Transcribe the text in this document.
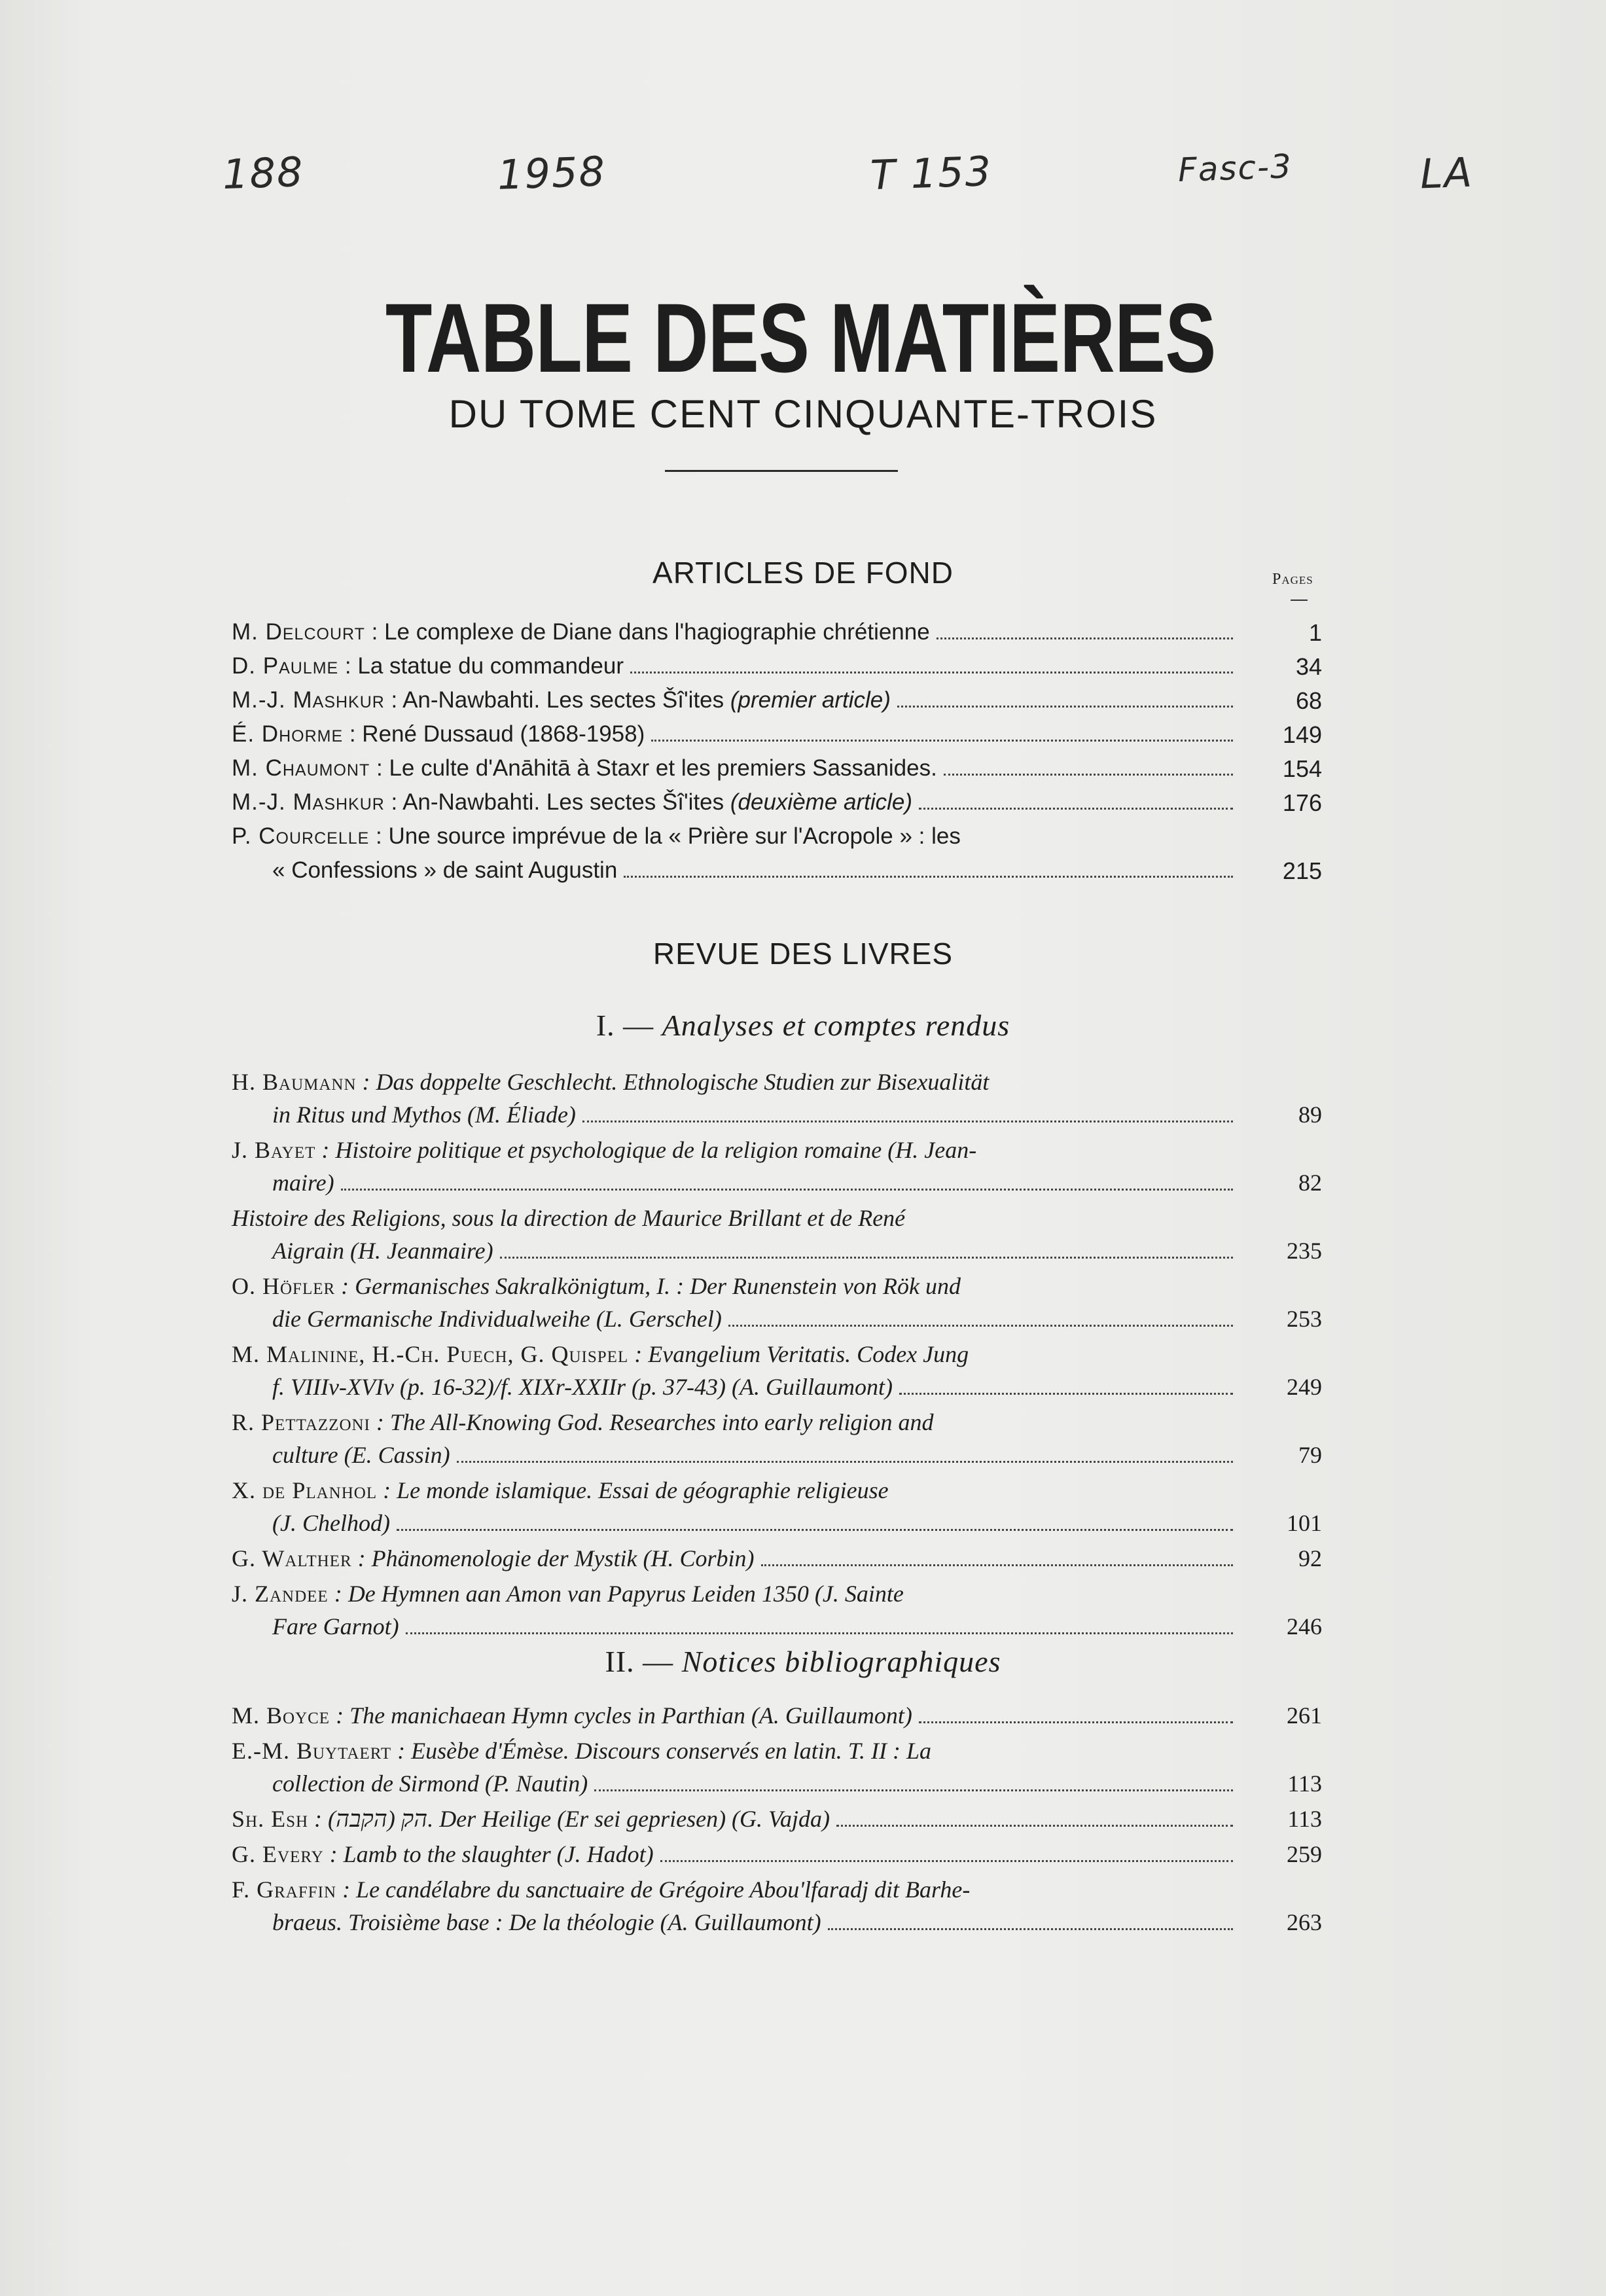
188	1958	T 153	Fasc-3	LA
TABLE DES MATIÈRES
DU TOME CENT CINQUANTE-TROIS
ARTICLES DE FOND	Pages
M. Delcourt : Le complexe de Diane dans l'hagiographie chrétienne	1
D. Paulme : La statue du commandeur	34
M.-J. Mashkur : An-Nawbahti. Les sectes Šî'ites (premier article)	68
É. Dhorme : René Dussaud (1868-1958)	149
M. Chaumont : Le culte d'Anāhitā à Staxr et les premiers Sassanides.	154
M.-J. Mashkur : An-Nawbahti. Les sectes Šî'ites (deuxième article)	176
P. Courcelle : Une source imprévue de la « Prière sur l'Acropole » : les
« Confessions » de saint Augustin	215
REVUE DES LIVRES
I. — Analyses et comptes rendus
H. Baumann : Das doppelte Geschlecht. Ethnologische Studien zur Bisexualität
in Ritus und Mythos (M. Éliade)	89
J. Bayet : Histoire politique et psychologique de la religion romaine (H. Jean-
maire)	82
Histoire des Religions, sous la direction de Maurice Brillant et de René
Aigrain (H. Jeanmaire)	235
O. Höfler : Germanisches Sakralkönigtum, I. : Der Runenstein von Rök und
die Germanische Individualweihe (L. Gerschel)	253
M. Malinine, H.-Ch. Puech, G. Quispel : Evangelium Veritatis. Codex Jung
f. VIIIv-XVIv (p. 16-32)/f. XIXr-XXIIr (p. 37-43) (A. Guillaumont)	249
R. Pettazzoni : The All-Knowing God. Researches into early religion and
culture (E. Cassin)	79
X. de Planhol : Le monde islamique. Essai de géographie religieuse
(J. Chelhod)	101
G. Walther : Phänomenologie der Mystik (H. Corbin)	92
J. Zandee : De Hymnen aan Amon van Papyrus Leiden 1350 (J. Sainte
Fare Garnot)	246
II. — Notices bibliographiques
M. Boyce : The manichaean Hymn cycles in Parthian (A. Guillaumont)	261
E.-M. Buytaert : Eusèbe d'Émèse. Discours conservés en latin. T. II : La
collection de Sirmond (P. Nautin)	113
Sh. Esh : (הקבה) הק. Der Heilige (Er sei gepriesen) (G. Vajda)	113
G. Every : Lamb to the slaughter (J. Hadot)	259
F. Graffin : Le candélabre du sanctuaire de Grégoire Abou'lfaradj dit Barhe-
braeus. Troisième base : De la théologie (A. Guillaumont)	263
